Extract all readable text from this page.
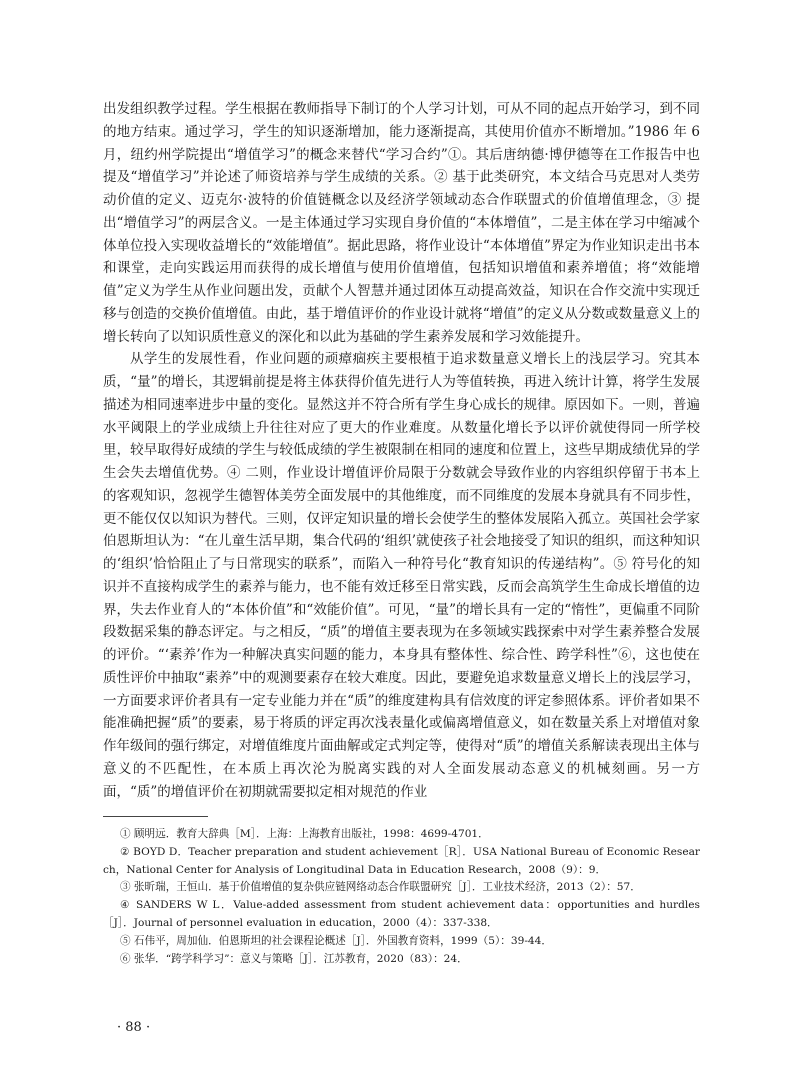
出发组织教学过程。学生根据在教师指导下制订的个人学习计划，可从不同的起点开始学习，到不同的地方结束。通过学习，学生的知识逐渐增加，能力逐渐提高，其使用价值亦不断增加。”1986 年 6 月，纽约州学院提出“增值学习”的概念来替代“学习合约”①。其后唐纳德·博伊德等在工作报告中也提及“增值学习”并论述了师资培养与学生成绩的关系。② 基于此类研究，本文结合马克思对人类劳动价值的定义、迈克尔·波特的价值链概念以及经济学领域动态合作联盟式的价值增值理念，③ 提出“增值学习”的两层含义。一是主体通过学习实现自身价值的“本体增值”，二是主体在学习中缩减个体单位投入实现收益增长的“效能增值”。据此思路，将作业设计“本体增值”界定为作业知识走出书本和课堂，走向实践运用而获得的成长增值与使用价值增值，包括知识增值和素养增值；将“效能增值”定义为学生从作业问题出发，贡献个人智慧并通过团体互动提高效益，知识在合作交流中实现迁移与创造的交换价值增值。由此，基于增值评价的作业设计就将“增值”的定义从分数或数量意义上的增长转向了以知识质性意义的深化和以此为基础的学生素养发展和学习效能提升。

从学生的发展性看，作业问题的顽瘴痼疾主要根植于追求数量意义增长上的浅层学习。究其本质，“量”的增长，其逻辑前提是将主体获得价值先进行人为等值转换，再进入统计计算，将学生发展描述为相同速率进步中量的变化。显然这并不符合所有学生身心成长的规律。原因如下。一则，普遍水平阈限上的学业成绩上升往往对应了更大的作业难度。从数量化增长予以评价就使得同一所学校里，较早取得好成绩的学生与较低成绩的学生被限制在相同的速度和位置上，这些早期成绩优异的学生会失去增值优势。④ 二则，作业设计增值评价局限于分数就会导致作业的内容组织停留于书本上的客观知识，忽视学生德智体美劳全面发展中的其他维度，而不同维度的发展本身就具有不同步性，更不能仅仅以知识为替代。三则，仅评定知识量的增长会使学生的整体发展陷入孤立。英国社会学家伯恩斯坦认为：“在儿童生活早期，集合代码的‘组织’就使孩子社会地接受了知识的组织，而这种知识的‘组织’恰恰阻止了与日常现实的联系”，而陷入一种符号化“教育知识的传递结构”。⑤ 符号化的知识并不直接构成学生的素养与能力，也不能有效迁移至日常实践，反而会高筑学生生命成长增值的边界，失去作业育人的“本体价值”和“效能价值”。可见，“量”的增长具有一定的“惰性”，更偏重不同阶段数据采集的静态评定。与之相反，“质”的增值主要表现为在多领域实践探索中对学生素养整合发展的评价。“‘素养’作为一种解决真实问题的能力，本身具有整体性、综合性、跨学科性”⑥，这也使在质性评价中抽取“素养”中的观测要素存在较大难度。因此，要避免追求数量意义增长上的浅层学习，一方面要求评价者具有一定专业能力并在“质”的维度建构具有信效度的评定参照体系。评价者如果不能准确把握“质”的要素，易于将质的评定再次浅表量化或偏离增值意义，如在数量关系上对增值对象作年级间的强行绑定，对增值维度片面曲解或定式判定等，使得对“质”的增值关系解读表现出主体与意义的不匹配性，在本质上再次沦为脱离实践的对人全面发展动态意义的机械刻画。另一方面，“质”的增值评价在初期就需要拟定相对规范的作业

① 顾明远．教育大辞典［M］．上海：上海教育出版社，1998：4699-4701．

② BOYD D．Teacher preparation and student achievement［R］．USA National Bureau of Economic Research，National Center for Analysis of Longitudinal Data in Education Research，2008（9）：9．

③ 张昕瑞，王恒山．基于价值增值的复杂供应链网络动态合作联盟研究［J］．工业技术经济，2013（2）：57．

④ SANDERS W L．Value-added assessment from student achievement data：opportunities and hurdles［J］．Journal of personnel evaluation in education，2000（4）：337-338．

⑤ 石伟平，周加仙．伯恩斯坦的社会课程论概述［J］．外国教育资料，1999（5）：39-44．

⑥ 张华．“跨学科学习”：意义与策略［J］．江苏教育，2020（83）：24．

· 88 ·
